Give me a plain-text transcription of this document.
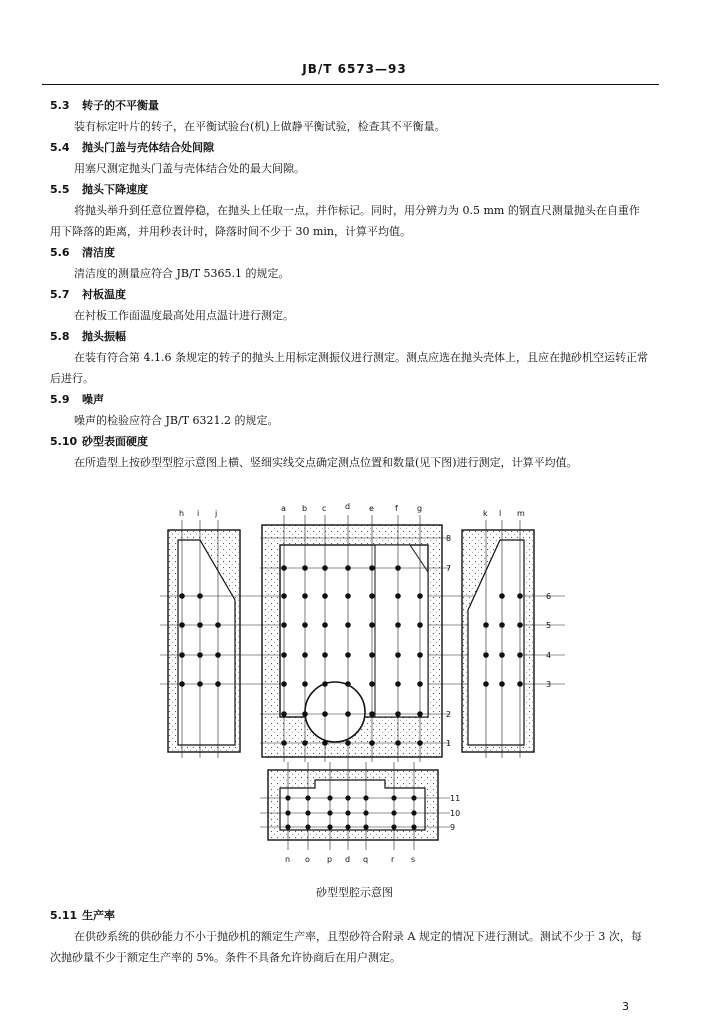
JB/T 6573—93
5.3	转子的不平衡量
装有标定叶片的转子，在平衡试验台(机)上做静平衡试验，检查其不平衡量。
5.4	抛头门盖与壳体结合处间隙
用塞尺测定抛头门盖与壳体结合处的最大间隙。
5.5	抛头下降速度
将抛头举升到任意位置停稳，在抛头上任取一点，并作标记。同时，用分辨力为 0.5 mm 的钢直尺测量抛头在自重作用下降落的距离，并用秒表计时，降落时间不少于 30 min，计算平均值。
5.6	清洁度
清洁度的测量应符合 JB/T 5365.1 的规定。
5.7	衬板温度
在衬板工作面温度最高处用点温计进行测定。
5.8	抛头振幅
在装有符合第 4.1.6 条规定的转子的抛头上用标定测振仪进行测定。测点应选在抛头壳体上，且应在抛砂机空运转正常后进行。
5.9	噪声
噪声的检验应符合 JB/T 6321.2 的规定。
5.10 砂型表面硬度
在所造型上按砂型型腔示意图上横、竖细实线交点确定测点位置和数量(见下图)进行测定，计算平均值。
h i j
a b c d e	f g
k l m
n o p d q	r s
8
7
6
5
4
3
2
1
11
10
9
砂型型腔示意图
5.11 生产率
在供砂系统的供砂能力不小于抛砂机的额定生产率，且型砂符合附录 A 规定的情况下进行测试。测试不少于 3 次，每次抛砂量不少于额定生产率的 5%。条件不具备允许协商后在用户测定。
3
